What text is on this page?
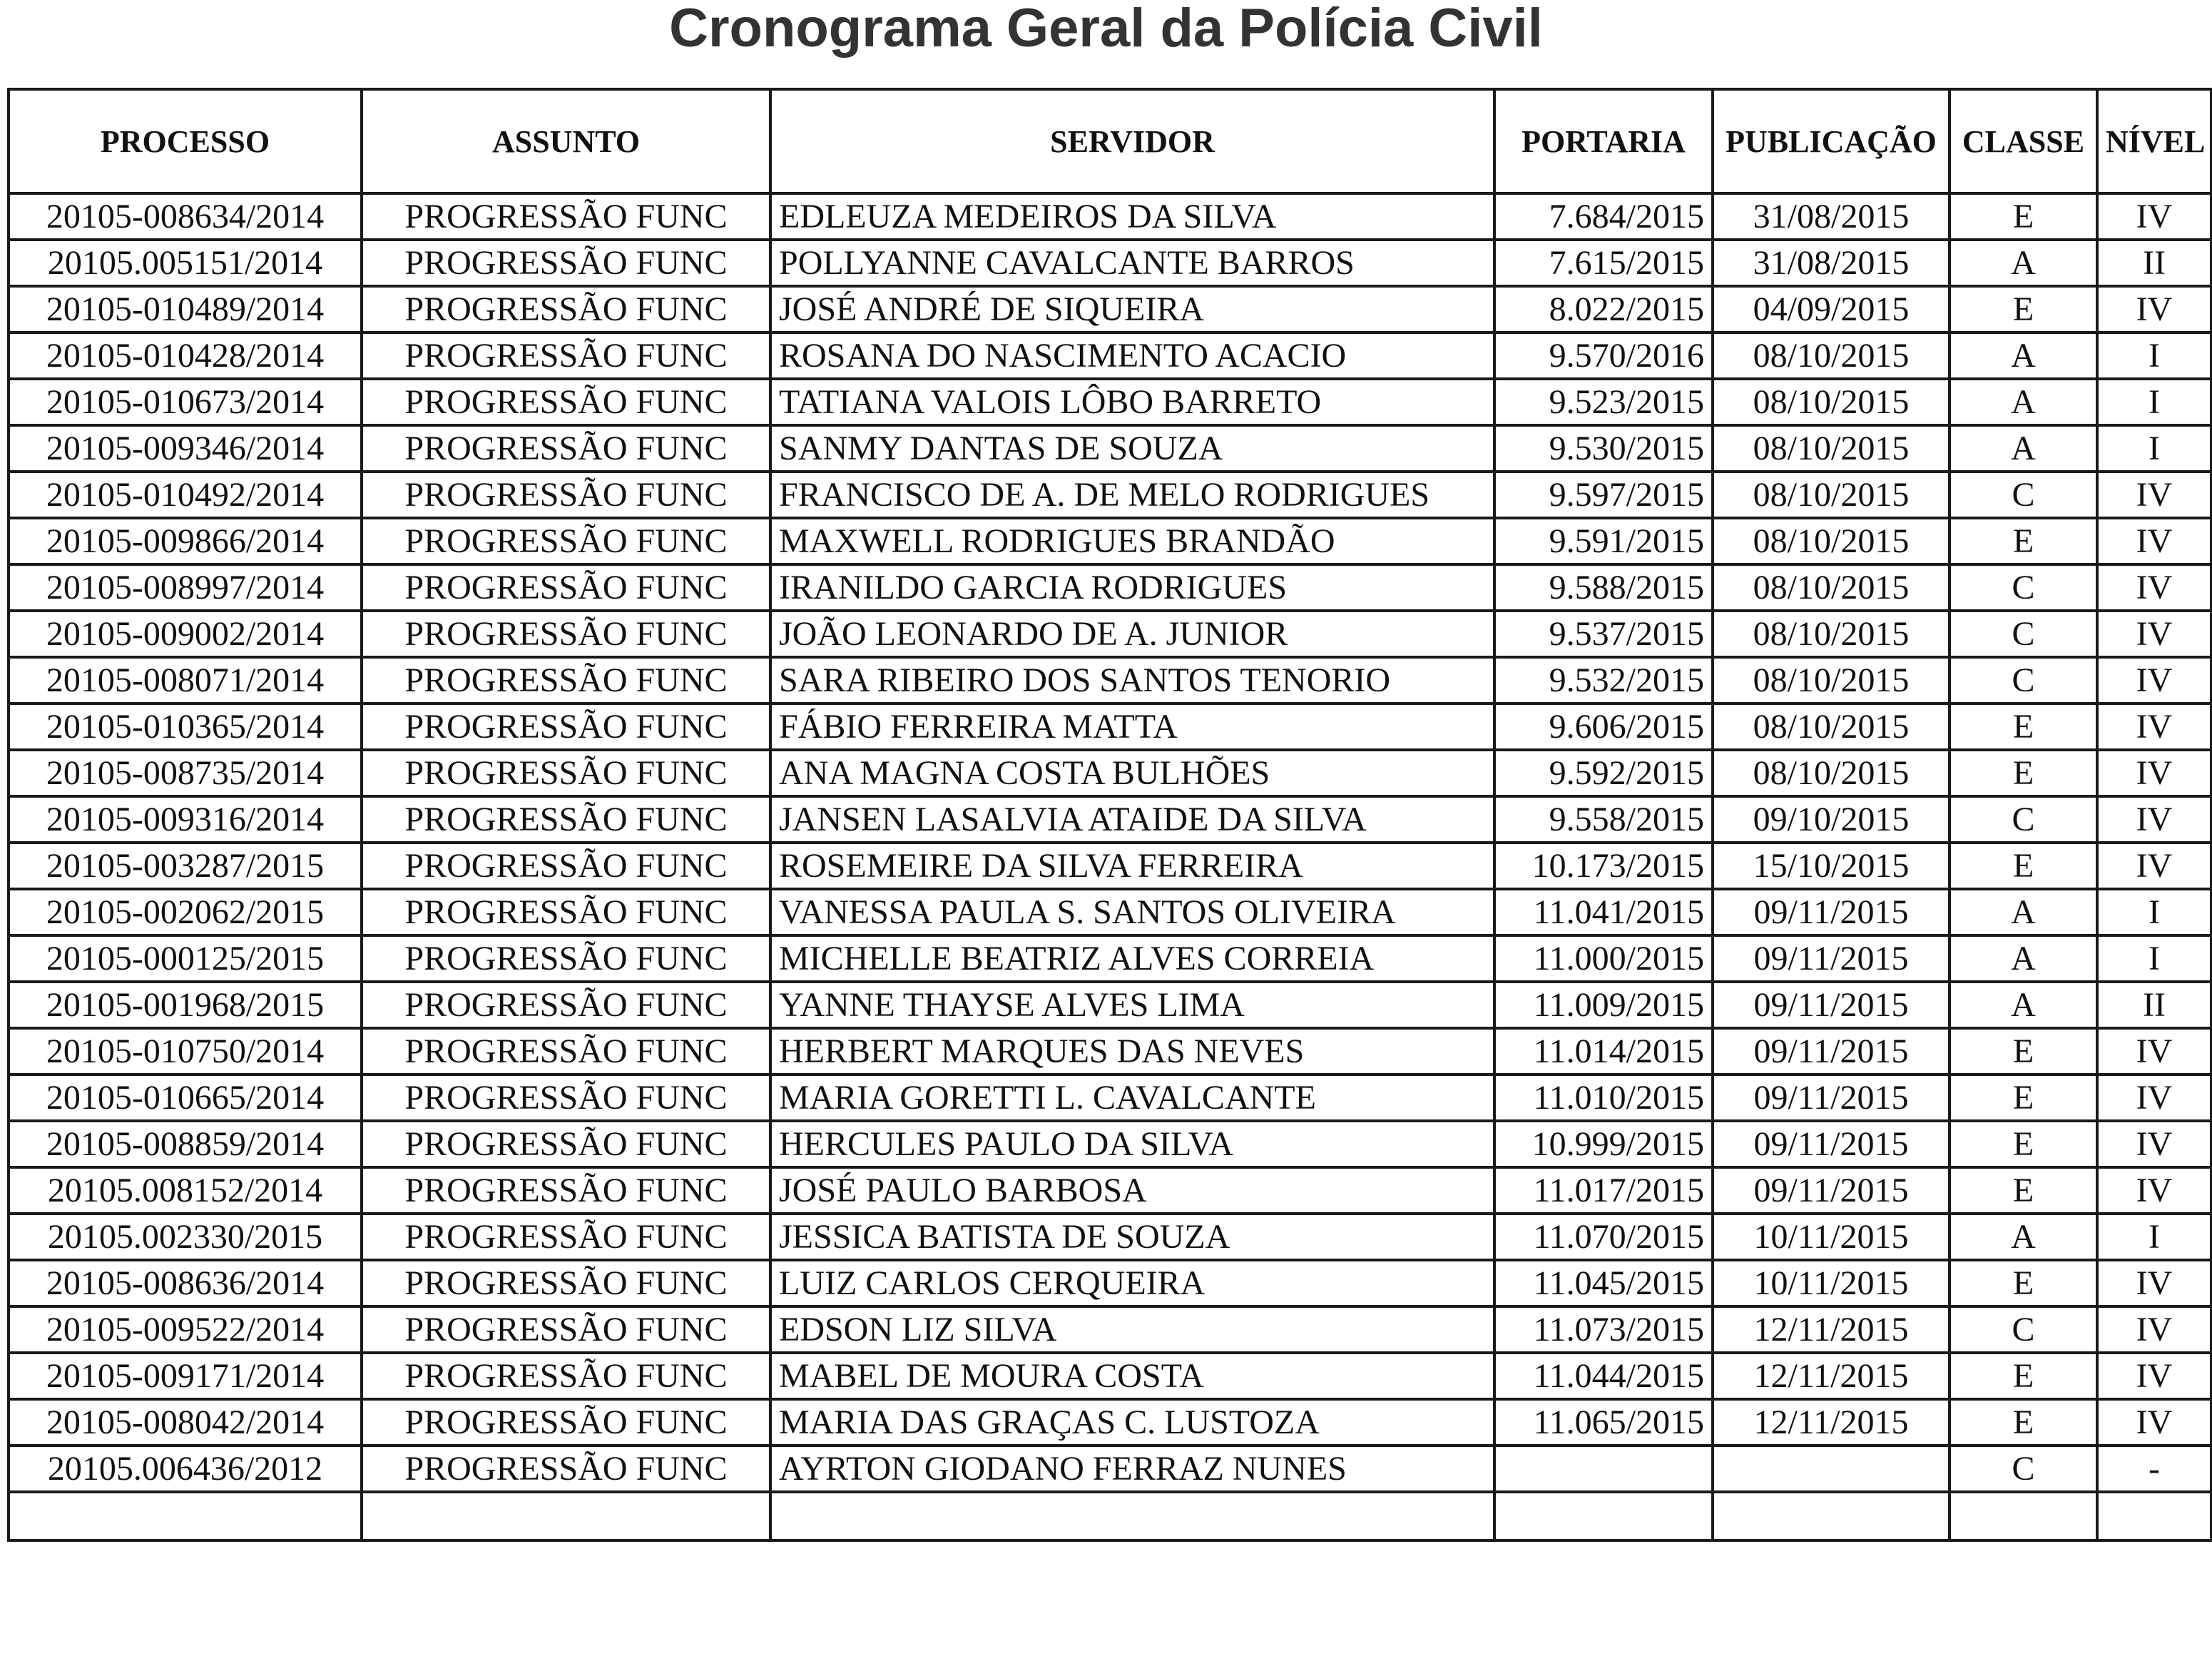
Cronograma Geral da Polícia Civil
PROCESSO	ASSUNTO	SERVIDOR	PORTARIA	PUBLICAÇÃO	CLASSE	NÍVEL
20105-008634/2014	PROGRESSÃO FUNC	EDLEUZA MEDEIROS DA SILVA	7.684/2015	31/08/2015	E	IV
20105.005151/2014	PROGRESSÃO FUNC	POLLYANNE CAVALCANTE BARROS	7.615/2015	31/08/2015	A	II
20105-010489/2014	PROGRESSÃO FUNC	JOSÉ ANDRÉ DE SIQUEIRA	8.022/2015	04/09/2015	E	IV
20105-010428/2014	PROGRESSÃO FUNC	ROSANA DO NASCIMENTO ACACIO	9.570/2016	08/10/2015	A	I
20105-010673/2014	PROGRESSÃO FUNC	TATIANA VALOIS LÔBO BARRETO	9.523/2015	08/10/2015	A	I
20105-009346/2014	PROGRESSÃO FUNC	SANMY DANTAS DE SOUZA	9.530/2015	08/10/2015	A	I
20105-010492/2014	PROGRESSÃO FUNC	FRANCISCO DE A. DE MELO RODRIGUES	9.597/2015	08/10/2015	C	IV
20105-009866/2014	PROGRESSÃO FUNC	MAXWELL RODRIGUES BRANDÃO	9.591/2015	08/10/2015	E	IV
20105-008997/2014	PROGRESSÃO FUNC	IRANILDO GARCIA RODRIGUES	9.588/2015	08/10/2015	C	IV
20105-009002/2014	PROGRESSÃO FUNC	JOÃO LEONARDO DE A. JUNIOR	9.537/2015	08/10/2015	C	IV
20105-008071/2014	PROGRESSÃO FUNC	SARA RIBEIRO DOS SANTOS TENORIO	9.532/2015	08/10/2015	C	IV
20105-010365/2014	PROGRESSÃO FUNC	FÁBIO FERREIRA MATTA	9.606/2015	08/10/2015	E	IV
20105-008735/2014	PROGRESSÃO FUNC	ANA MAGNA COSTA BULHÕES	9.592/2015	08/10/2015	E	IV
20105-009316/2014	PROGRESSÃO FUNC	JANSEN LASALVIA ATAIDE DA SILVA	9.558/2015	09/10/2015	C	IV
20105-003287/2015	PROGRESSÃO FUNC	ROSEMEIRE DA SILVA FERREIRA	10.173/2015	15/10/2015	E	IV
20105-002062/2015	PROGRESSÃO FUNC	VANESSA PAULA S. SANTOS OLIVEIRA	11.041/2015	09/11/2015	A	I
20105-000125/2015	PROGRESSÃO FUNC	MICHELLE BEATRIZ ALVES CORREIA	11.000/2015	09/11/2015	A	I
20105-001968/2015	PROGRESSÃO FUNC	YANNE THAYSE ALVES LIMA	11.009/2015	09/11/2015	A	II
20105-010750/2014	PROGRESSÃO FUNC	HERBERT MARQUES DAS NEVES	11.014/2015	09/11/2015	E	IV
20105-010665/2014	PROGRESSÃO FUNC	MARIA GORETTI L. CAVALCANTE	11.010/2015	09/11/2015	E	IV
20105-008859/2014	PROGRESSÃO FUNC	HERCULES PAULO DA SILVA	10.999/2015	09/11/2015	E	IV
20105.008152/2014	PROGRESSÃO FUNC	JOSÉ PAULO BARBOSA	11.017/2015	09/11/2015	E	IV
20105.002330/2015	PROGRESSÃO FUNC	JESSICA BATISTA DE SOUZA	11.070/2015	10/11/2015	A	I
20105-008636/2014	PROGRESSÃO FUNC	LUIZ CARLOS CERQUEIRA	11.045/2015	10/11/2015	E	IV
20105-009522/2014	PROGRESSÃO FUNC	EDSON LIZ SILVA	11.073/2015	12/11/2015	C	IV
20105-009171/2014	PROGRESSÃO FUNC	MABEL DE MOURA COSTA	11.044/2015	12/11/2015	E	IV
20105-008042/2014	PROGRESSÃO FUNC	MARIA DAS GRAÇAS C. LUSTOZA	11.065/2015	12/11/2015	E	IV
20105.006436/2012	PROGRESSÃO FUNC	AYRTON GIODANO FERRAZ NUNES			C	-
